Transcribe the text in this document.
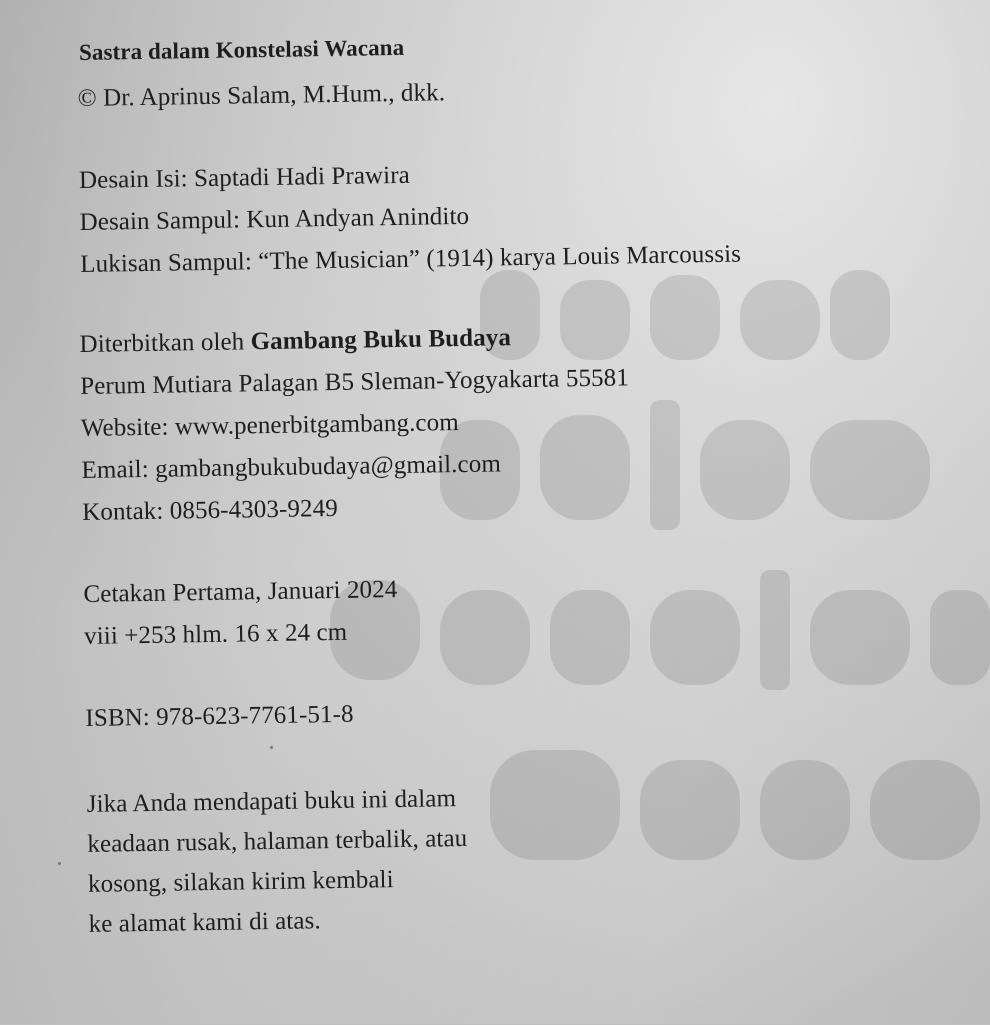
Sastra dalam Konstelasi Wacana
© Dr. Aprinus Salam, M.Hum., dkk.
Desain Isi: Saptadi Hadi Prawira
Desain Sampul: Kun Andyan Anindito
Lukisan Sampul: “The Musician” (1914) karya Louis Marcoussis
Diterbitkan oleh Gambang Buku Budaya
Perum Mutiara Palagan B5 Sleman-Yogyakarta 55581
Website: www.penerbitgambang.com
Email: gambangbukubudaya@gmail.com
Kontak: 0856-4303-9249
Cetakan Pertama, Januari 2024
viii +253 hlm. 16 x 24 cm
ISBN: 978-623-7761-51-8
Jika Anda mendapati buku ini dalam
keadaan rusak, halaman terbalik, atau
kosong, silakan kirim kembali
ke alamat kami di atas.
